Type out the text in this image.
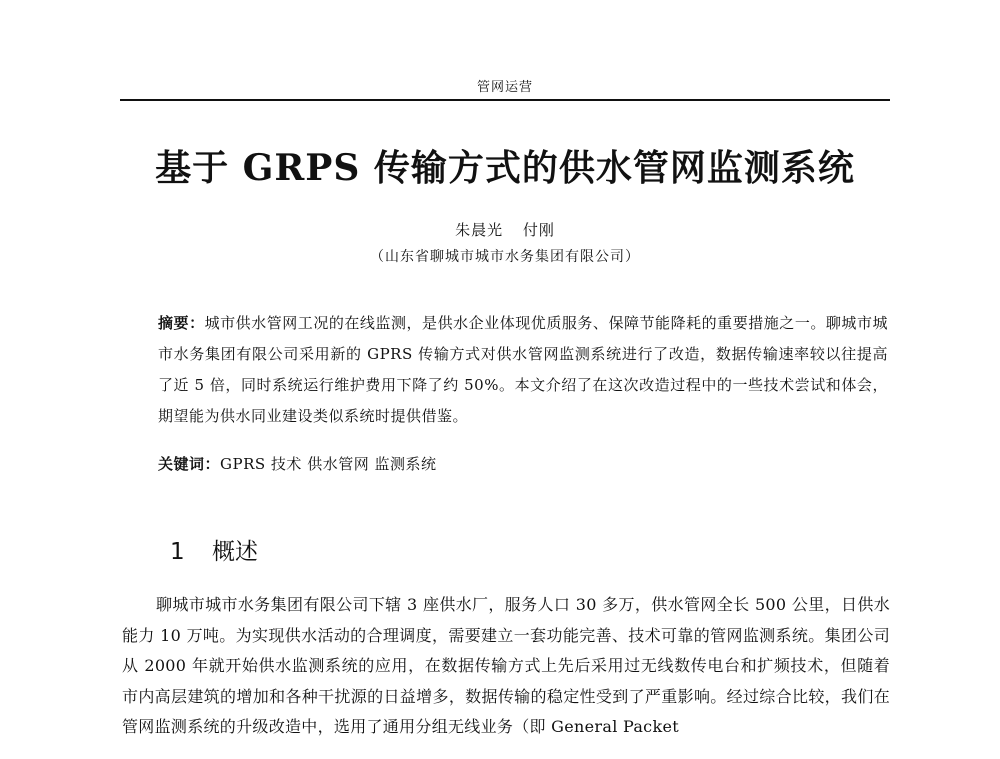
管网运营
基于 GRPS 传输方式的供水管网监测系统
朱晨光 付刚
（山东省聊城市城市水务集团有限公司）
摘要：城市供水管网工况的在线监测，是供水企业体现优质服务、保障节能降耗的重要措施之一。聊城市城市水务集团有限公司采用新的 GPRS 传输方式对供水管网监测系统进行了改造，数据传输速率较以往提高了近 5 倍，同时系统运行维护费用下降了约 50%。本文介绍了在这次改造过程中的一些技术尝试和体会，期望能为供水同业建设类似系统时提供借鉴。
关键词：GPRS 技术 供水管网 监测系统
1 概述
聊城市城市水务集团有限公司下辖 3 座供水厂，服务人口 30 多万，供水管网全长 500 公里，日供水能力 10 万吨。为实现供水活动的合理调度，需要建立一套功能完善、技术可靠的管网监测系统。集团公司从 2000 年就开始供水监测系统的应用，在数据传输方式上先后采用过无线数传电台和扩频技术，但随着市内高层建筑的增加和各种干扰源的日益增多，数据传输的稳定性受到了严重影响。经过综合比较，我们在管网监测系统的升级改造中，选用了通用分组无线业务（即 General Packet
